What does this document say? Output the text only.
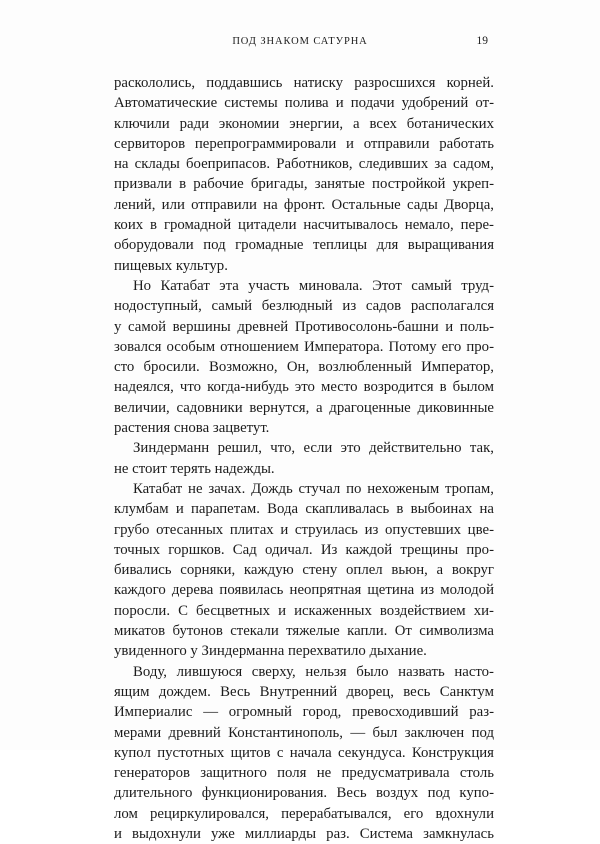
ПОД ЗНАКОМ САТУРНА	19
раскололись, поддавшись натиску разросшихся корней.
Автоматические системы полива и подачи удобрений от-
ключили ради экономии энергии, а всех ботанических
сервиторов перепрограммировали и отправили работать
на склады боеприпасов. Работников, следивших за садом,
призвали в рабочие бригады, занятые постройкой укреп-
лений, или отправили на фронт. Остальные сады Дворца,
коих в громадной цитадели насчитывалось немало, пере-
оборудовали под громадные теплицы для выращивания
пищевых культур.
Но Катабат эта участь миновала. Этот самый труд-
нодоступный, самый безлюдный из садов располагался
у самой вершины древней Противосолонь-башни и поль-
зовался особым отношением Императора. Потому его про-
сто бросили. Возможно, Он, возлюбленный Император,
надеялся, что когда-нибудь это место возродится в былом
величии, садовники вернутся, а драгоценные диковинные
растения снова зацветут.
Зиндерманн решил, что, если это действительно так,
не стоит терять надежды.
Катабат не зачах. Дождь стучал по нехоженым тропам,
клумбам и парапетам. Вода скапливалась в выбоинах на
грубо отесанных плитах и струилась из опустевших цве-
точных горшков. Сад одичал. Из каждой трещины про-
бивались сорняки, каждую стену оплел вьюн, а вокруг
каждого дерева появилась неопрятная щетина из молодой
поросли. С бесцветных и искаженных воздействием хи-
микатов бутонов стекали тяжелые капли. От символизма
увиденного у Зиндерманна перехватило дыхание.
Воду, лившуюся сверху, нельзя было назвать насто-
ящим дождем. Весь Внутренний дворец, весь Санктум
Империалис — огромный город, превосходивший раз-
мерами древний Константинополь, — был заключен под
купол пустотных щитов с начала секундуса. Конструкция
генераторов защитного поля не предусматривала столь
длительного функционирования. Весь воздух под купо-
лом рециркулировался, перерабатывался, его вдохнули
и выдохнули уже миллиарды раз. Система замкнулась
